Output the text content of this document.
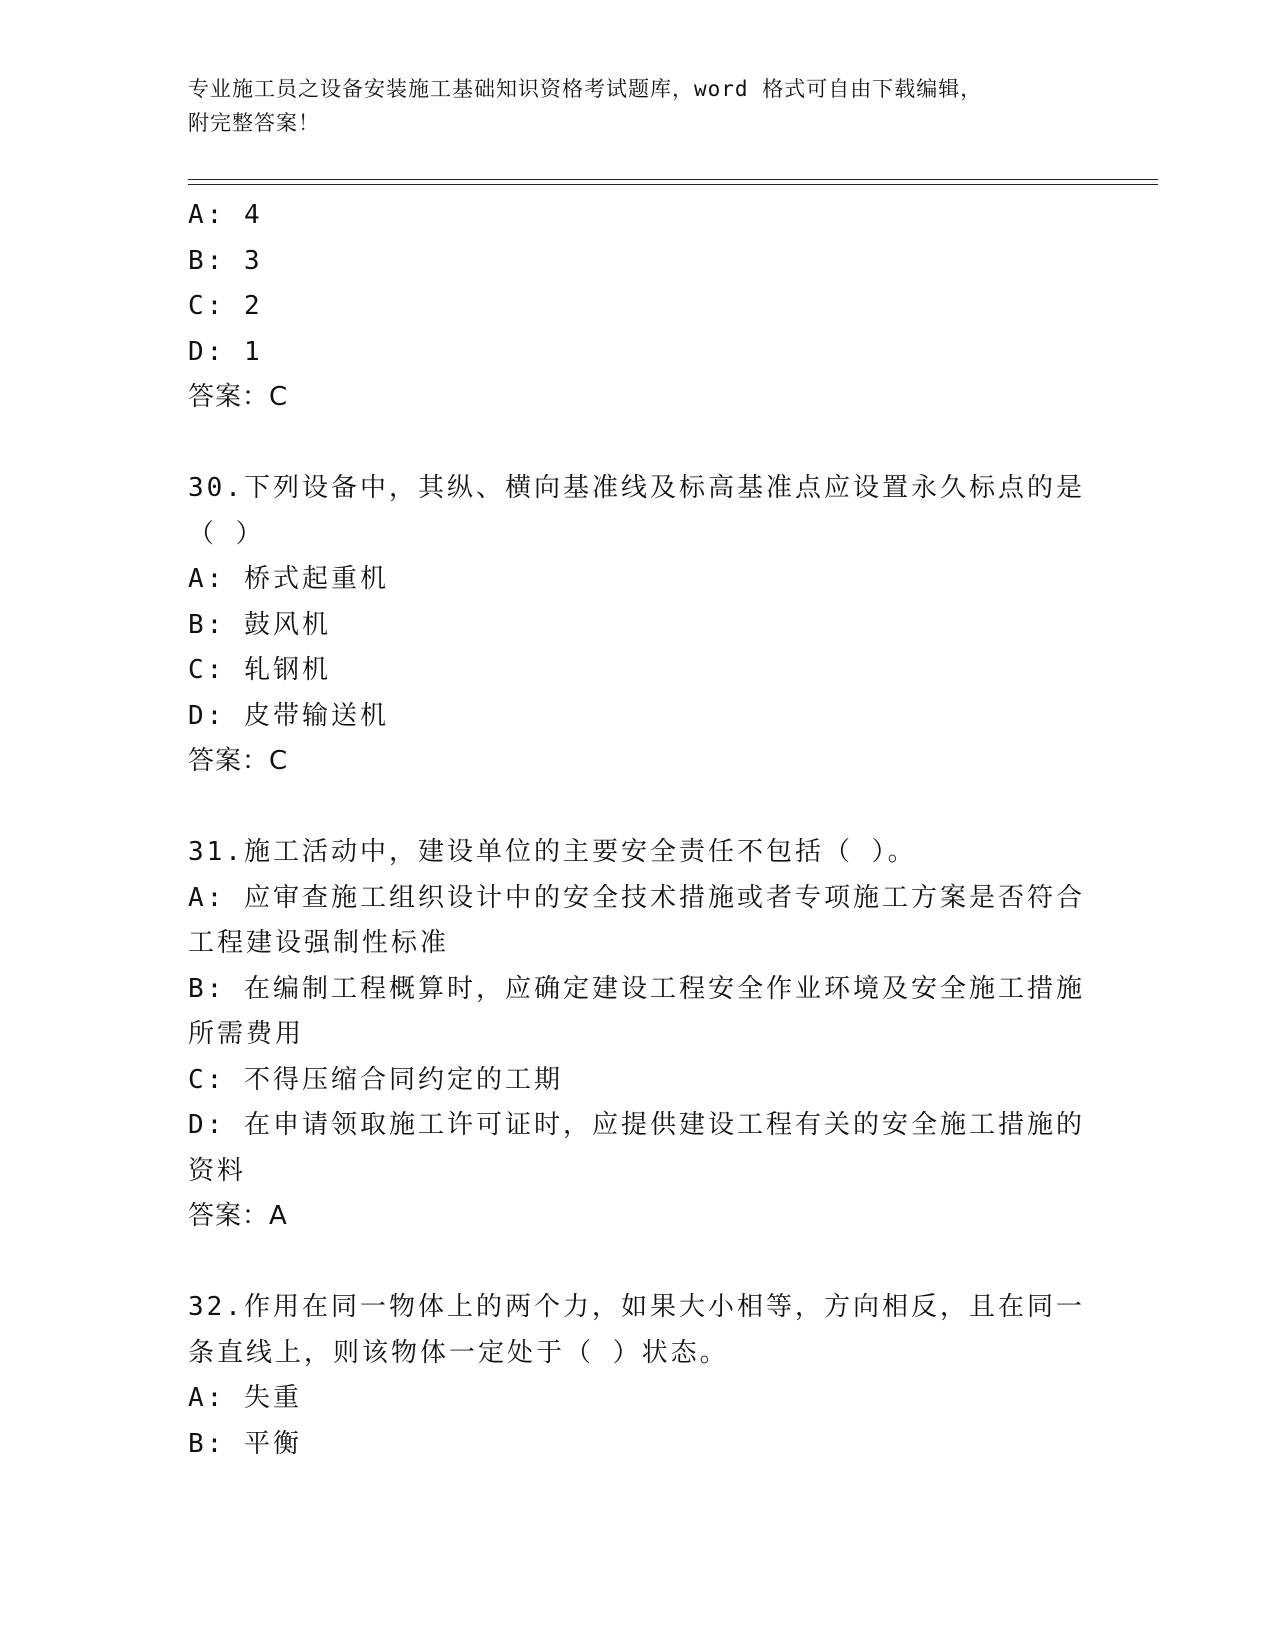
专业施工员之设备安装施工基础知识资格考试题库，word 格式可自由下载编辑，
附完整答案！
A: 4
B: 3
C: 2
D: 1
答案：C
30.下列设备中，其纵、横向基准线及标高基准点应设置永久标点的是
（ ）
A: 桥式起重机
B: 鼓风机
C: 轧钢机
D: 皮带输送机
答案：C
31.施工活动中，建设单位的主要安全责任不包括（ ）。
A: 应审查施工组织设计中的安全技术措施或者专项施工方案是否符合
工程建设强制性标准
B: 在编制工程概算时，应确定建设工程安全作业环境及安全施工措施
所需费用
C: 不得压缩合同约定的工期
D: 在申请领取施工许可证时，应提供建设工程有关的安全施工措施的
资料
答案：A
32.作用在同一物体上的两个力，如果大小相等，方向相反，且在同一
条直线上，则该物体一定处于（ ）状态。
A: 失重
B: 平衡
